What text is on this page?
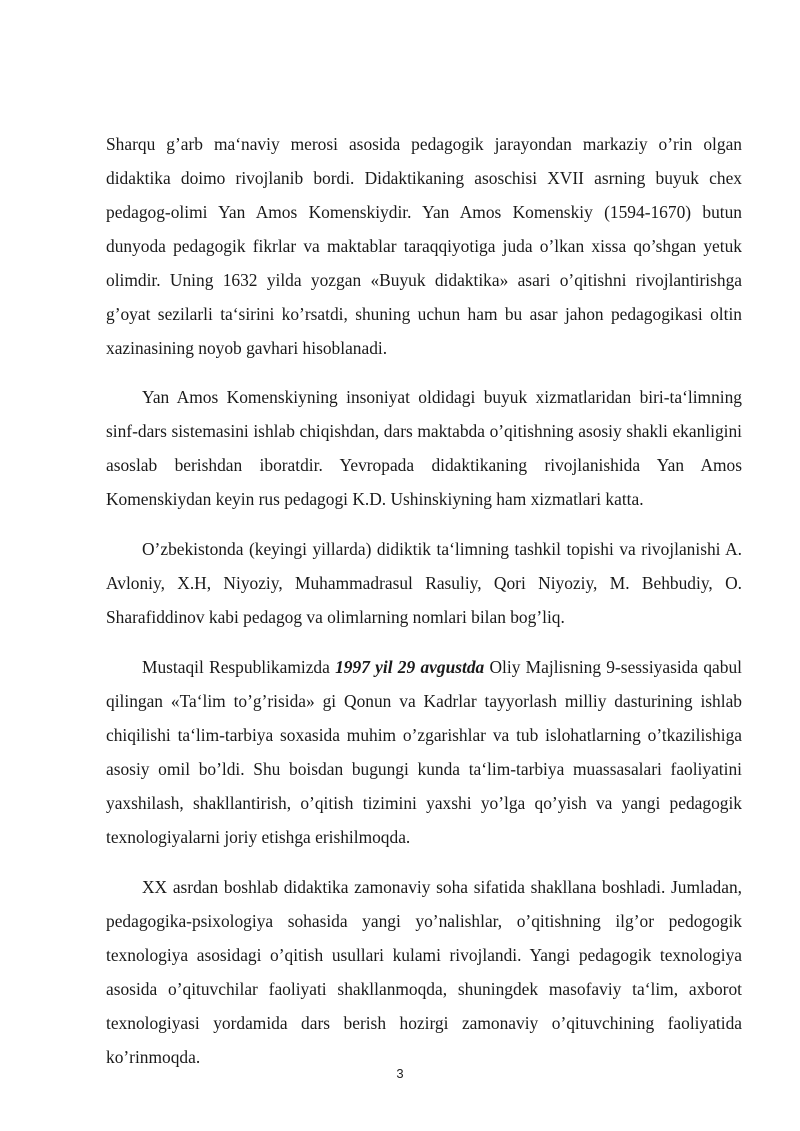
Sharqu g’arb ma‘naviy merosi asosida pedagogik jarayondan markaziy o’rin olgan didaktika doimo rivojlanib bordi. Didaktikaning asoschisi XVII asrning buyuk chex pedagog-olimi Yan Amos Komenskiydir. Yan Amos Komenskiy (1594-1670) butun dunyoda pedagogik fikrlar va maktablar taraqqiyotiga juda o’lkan xissa qo’shgan yetuk olimdir. Uning 1632 yilda yozgan «Buyuk didaktika» asari o’qitishni rivojlantirishga g’oyat sezilarli ta‘sirini ko’rsatdi, shuning uchun ham bu asar jahon pedagogikasi oltin xazinasining noyob gavhari hisoblanadi.

Yan Amos Komenskiyning insoniyat oldidagi buyuk xizmatlaridan biri-ta‘limning sinf-dars sistemasini ishlab chiqishdan, dars maktabda o’qitishning asosiy shakli ekanligini asoslab berishdan iboratdir. Yevropada didaktikaning rivojlanishida Yan Amos Komenskiydan keyin rus pedagogi K.D. Ushinskiyning ham xizmatlari katta.

O’zbekistonda (keyingi yillarda) didiktik ta‘limning tashkil topishi va rivojlanishi A. Avloniy, X.H, Niyoziy, Muhammadrasul Rasuliy, Qori Niyoziy, M. Behbudiy, O. Sharafiddinov kabi pedagog va olimlarning nomlari bilan bog’liq.

Mustaqil Respublikamizda 1997 yil 29 avgustda Oliy Majlisning 9-sessiyasida qabul qilingan «Ta‘lim to’g’risida» gi Qonun va Kadrlar tayyorlash milliy dasturining ishlab chiqilishi ta‘lim-tarbiya soxasida muhim o’zgarishlar va tub islohatlarning o’tkazilishiga asosiy omil bo’ldi. Shu boisdan bugungi kunda ta‘lim-tarbiya muassasalari faoliyatini yaxshilash, shakllantirish, o’qitish tizimini yaxshi yo’lga qo’yish va yangi pedagogik texnologiyalarni joriy etishga erishilmoqda.

XX asrdan boshlab didaktika zamonaviy soha sifatida shakllana boshladi. Jumladan, pedagogika-psixologiya sohasida yangi yo’nalishlar, o’qitishning ilg’or pedogogik texnologiya asosidagi o’qitish usullari kulami rivojlandi. Yangi pedagogik texnologiya asosida o’qituvchilar faoliyati shakllanmoqda, shuningdek masofaviy ta‘lim, axborot texnologiyasi yordamida dars berish hozirgi zamonaviy o’qituvchining faoliyatida ko’rinmoqda.

3
